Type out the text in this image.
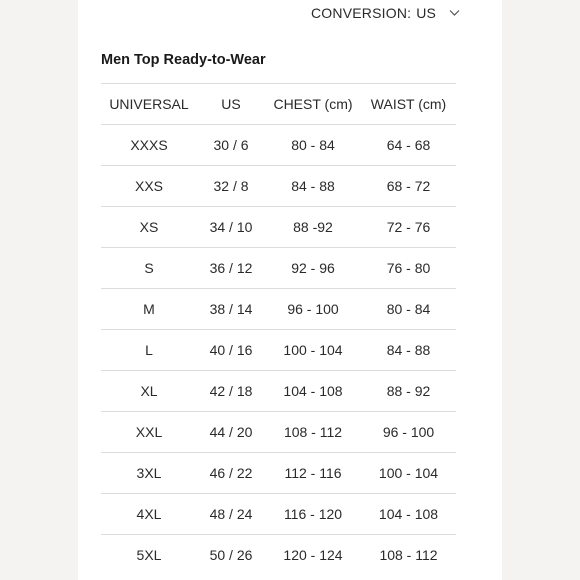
CONVERSION: US
Men Top Ready-to-Wear
UNIVERSAL	US	CHEST (cm)	WAIST (cm)
XXXS	30 / 6	80 - 84	64 - 68
XXS	32 / 8	84 - 88	68 - 72
XS	34 / 10	88 -92	72 - 76
S	36 / 12	92 - 96	76 - 80
M	38 / 14	96 - 100	80 - 84
L	40 / 16	100 - 104	84 - 88
XL	42 / 18	104 - 108	88 - 92
XXL	44 / 20	108 - 112	96 - 100
3XL	46 / 22	112 - 116	100 - 104
4XL	48 / 24	116 - 120	104 - 108
5XL	50 / 26	120 - 124	108 - 112
